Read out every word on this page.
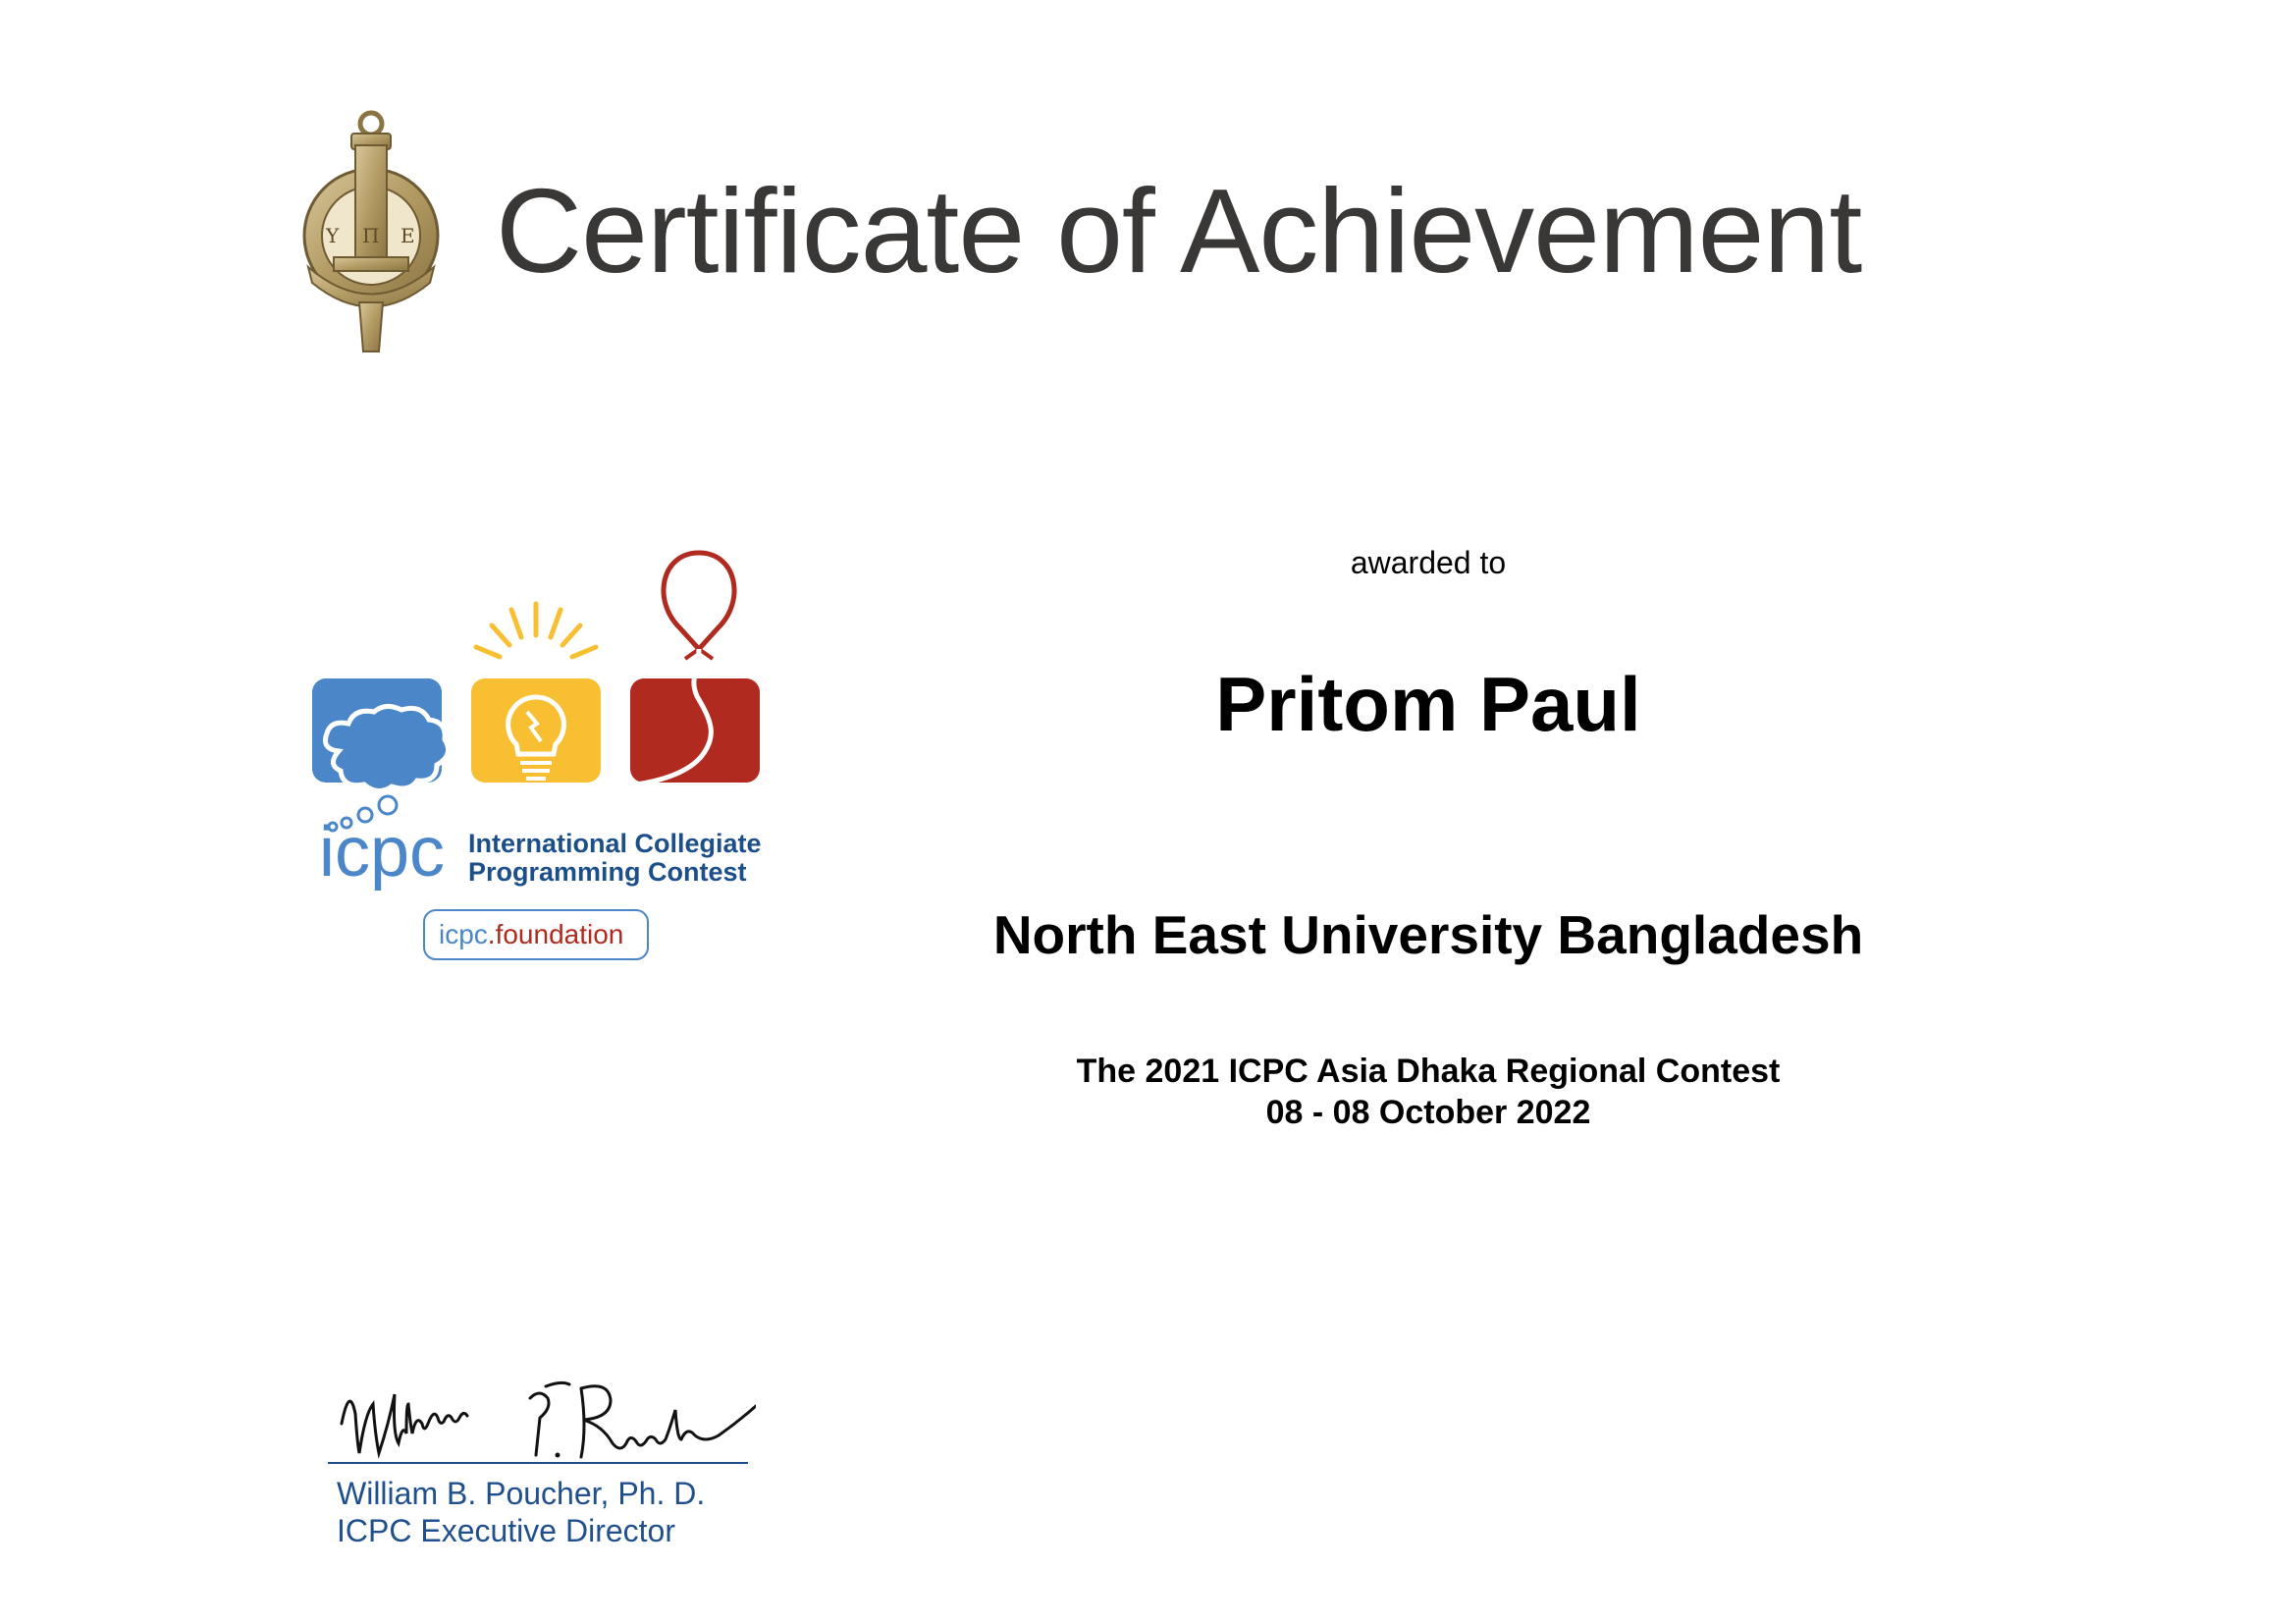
Υ Π Ε Certificate of Achievement
icpc International Collegiate
Programming Contest
icpc.foundation
awarded to
Pritom Paul
North East University Bangladesh
The 2021 ICPC Asia Dhaka Regional Contest
08 - 08 October 2022
William B. Poucher, Ph. D.
ICPC Executive Director
